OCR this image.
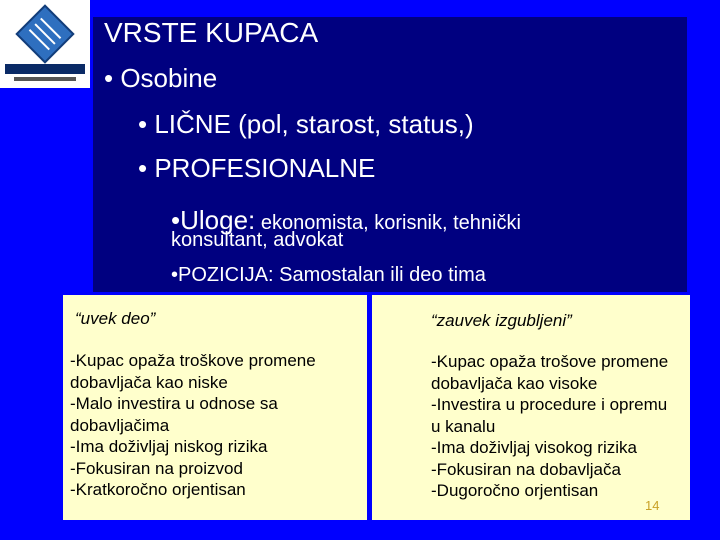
VRSTE KUPACA
• Osobine
• LIČNE (pol, starost, status,)
• PROFESIONALNE
•Uloge: ekonomista, korisnik, tehnički
konsultant, advokat
•POZICIJA: Samostalan ili deo tima
“uvek deo”
-Kupac opaža troškove promene
dobavljača kao niske
-Malo investira u odnose sa
dobavljačima
-Ima doživljaj niskog rizika
-Fokusiran na proizvod
-Kratkoročno orjentisan
“zauvek izgubljeni”
-Kupac opaža trošove promene
dobavljača kao visoke
-Investira u procedure i opremu
u kanalu
-Ima doživljaj visokog rizika
-Fokusiran na dobavljača
-Dugoročno orjentisan
14
